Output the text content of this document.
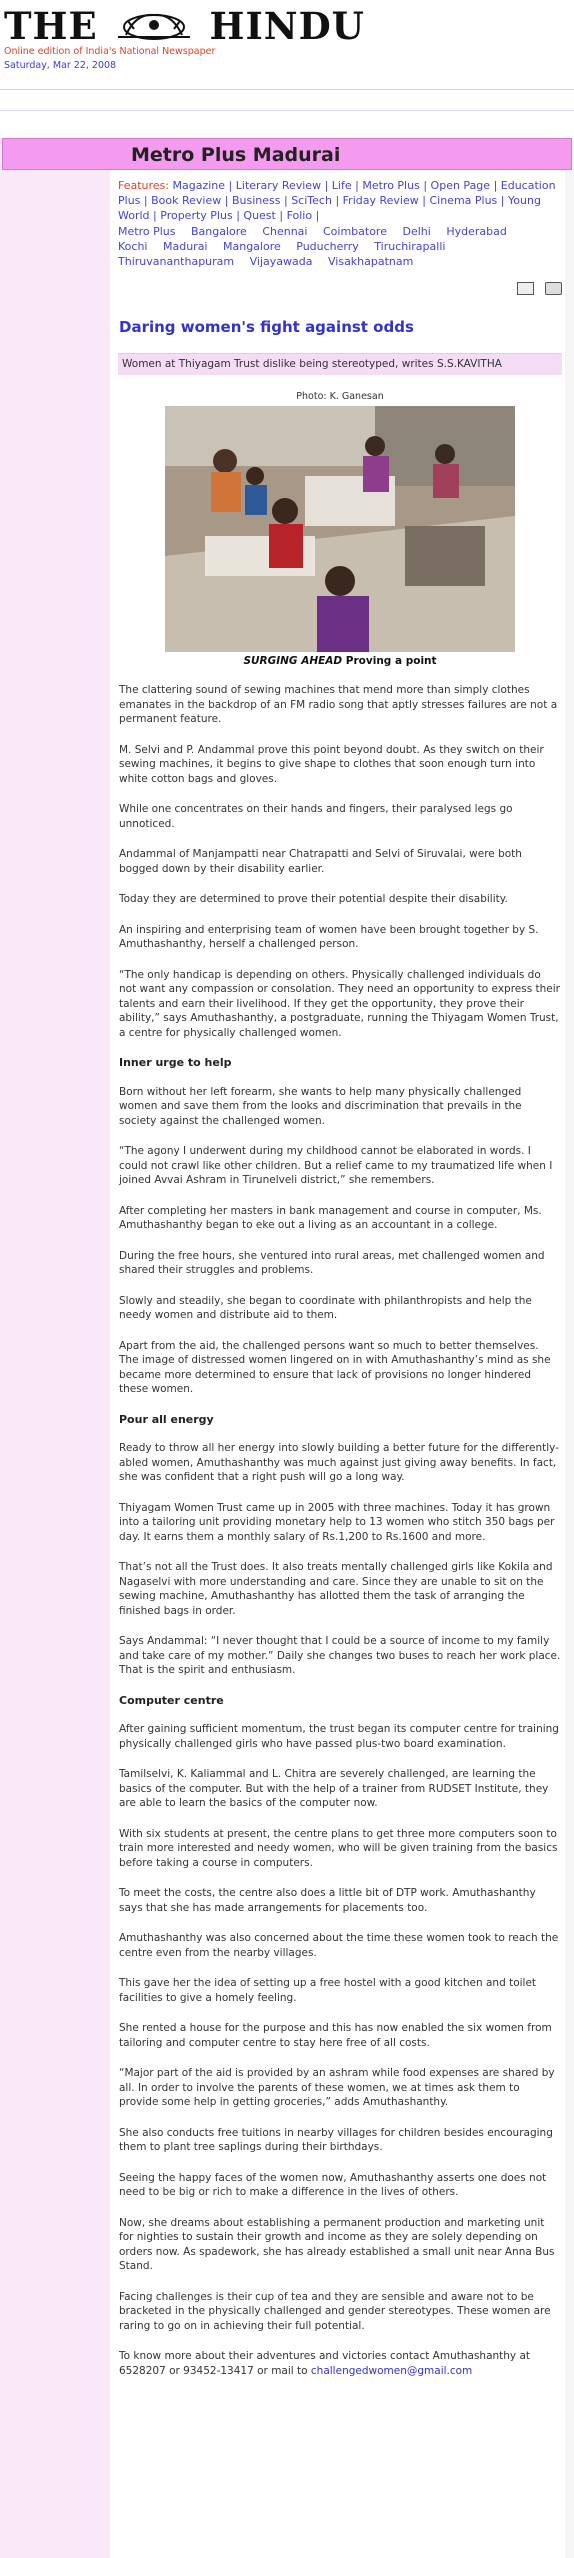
THE	HINDU
Online edition of India's National Newspaper
Saturday, Mar 22, 2008
Metro Plus Madurai
Features: Magazine | Literary Review | Life | Metro Plus | Open Page | Education Plus | Book Review | Business | SciTech | Friday Review | Cinema Plus | Young World | Property Plus | Quest | Folio |
Metro Plus Bangalore Chennai Coimbatore Delhi Hyderabad Kochi Madurai Mangalore Puducherry Tiruchirapalli Thiruvananthapuram Vijayawada Visakhapatnam

Daring women's fight against odds
Women at Thiyagam Trust dislike being stereotyped, writes S.S.KAVITHA
Photo: K. Ganesan
SURGING AHEAD Proving a point

The clattering sound of sewing machines that mend more than simply clothes emanates in the backdrop of an FM radio song that aptly stresses failures are not a permanent feature.

M. Selvi and P. Andammal prove this point beyond doubt. As they switch on their sewing machines, it begins to give shape to clothes that soon enough turn into white cotton bags and gloves.

While one concentrates on their hands and fingers, their paralysed legs go unnoticed.

Andammal of Manjampatti near Chatrapatti and Selvi of Siruvalai, were both bogged down by their disability earlier.

Today they are determined to prove their potential despite their disability.

An inspiring and enterprising team of women have been brought together by S. Amuthashanthy, herself a challenged person.

“The only handicap is depending on others. Physically challenged individuals do not want any compassion or consolation. They need an opportunity to express their talents and earn their livelihood. If they get the opportunity, they prove their ability,” says Amuthashanthy, a postgraduate, running the Thiyagam Women Trust, a centre for physically challenged women.

Inner urge to help

Born without her left forearm, she wants to help many physically challenged women and save them from the looks and discrimination that prevails in the society against the challenged women.

“The agony I underwent during my childhood cannot be elaborated in words. I could not crawl like other children. But a relief came to my traumatized life when I joined Avvai Ashram in Tirunelveli district,” she remembers.

After completing her masters in bank management and course in computer, Ms. Amuthashanthy began to eke out a living as an accountant in a college.

During the free hours, she ventured into rural areas, met challenged women and shared their struggles and problems.

Slowly and steadily, she began to coordinate with philanthropists and help the needy women and distribute aid to them.

Apart from the aid, the challenged persons want so much to better themselves. The image of distressed women lingered on in with Amuthashanthy’s mind as she became more determined to ensure that lack of provisions no longer hindered these women.

Pour all energy

Ready to throw all her energy into slowly building a better future for the differently-abled women, Amuthashanthy was much against just giving away benefits. In fact, she was confident that a right push will go a long way.

Thiyagam Women Trust came up in 2005 with three machines. Today it has grown into a tailoring unit providing monetary help to 13 women who stitch 350 bags per day. It earns them a monthly salary of Rs.1,200 to Rs.1600 and more.

That’s not all the Trust does. It also treats mentally challenged girls like Kokila and Nagaselvi with more understanding and care. Since they are unable to sit on the sewing machine, Amuthashanthy has allotted them the task of arranging the finished bags in order.

Says Andammal: “I never thought that I could be a source of income to my family and take care of my mother.” Daily she changes two buses to reach her work place. That is the spirit and enthusiasm.

Computer centre

After gaining sufficient momentum, the trust began its computer centre for training physically challenged girls who have passed plus-two board examination.

Tamilselvi, K. Kaliammal and L. Chitra are severely challenged, are learning the basics of the computer. But with the help of a trainer from RUDSET Institute, they are able to learn the basics of the computer now.

With six students at present, the centre plans to get three more computers soon to train more interested and needy women, who will be given training from the basics before taking a course in computers.

To meet the costs, the centre also does a little bit of DTP work. Amuthashanthy says that she has made arrangements for placements too.

Amuthashanthy was also concerned about the time these women took to reach the centre even from the nearby villages.

This gave her the idea of setting up a free hostel with a good kitchen and toilet facilities to give a homely feeling.

She rented a house for the purpose and this has now enabled the six women from tailoring and computer centre to stay here free of all costs.

“Major part of the aid is provided by an ashram while food expenses are shared by all. In order to involve the parents of these women, we at times ask them to provide some help in getting groceries,” adds Amuthashanthy.

She also conducts free tuitions in nearby villages for children besides encouraging them to plant tree saplings during their birthdays.

Seeing the happy faces of the women now, Amuthashanthy asserts one does not need to be big or rich to make a difference in the lives of others.

Now, she dreams about establishing a permanent production and marketing unit for nighties to sustain their growth and income as they are solely depending on orders now. As spadework, she has already established a small unit near Anna Bus Stand.

Facing challenges is their cup of tea and they are sensible and aware not to be bracketed in the physically challenged and gender stereotypes. These women are raring to go on in achieving their full potential.

To know more about their adventures and victories contact Amuthashanthy at 6528207 or 93452-13417 or mail to challengedwomen@gmail.com
